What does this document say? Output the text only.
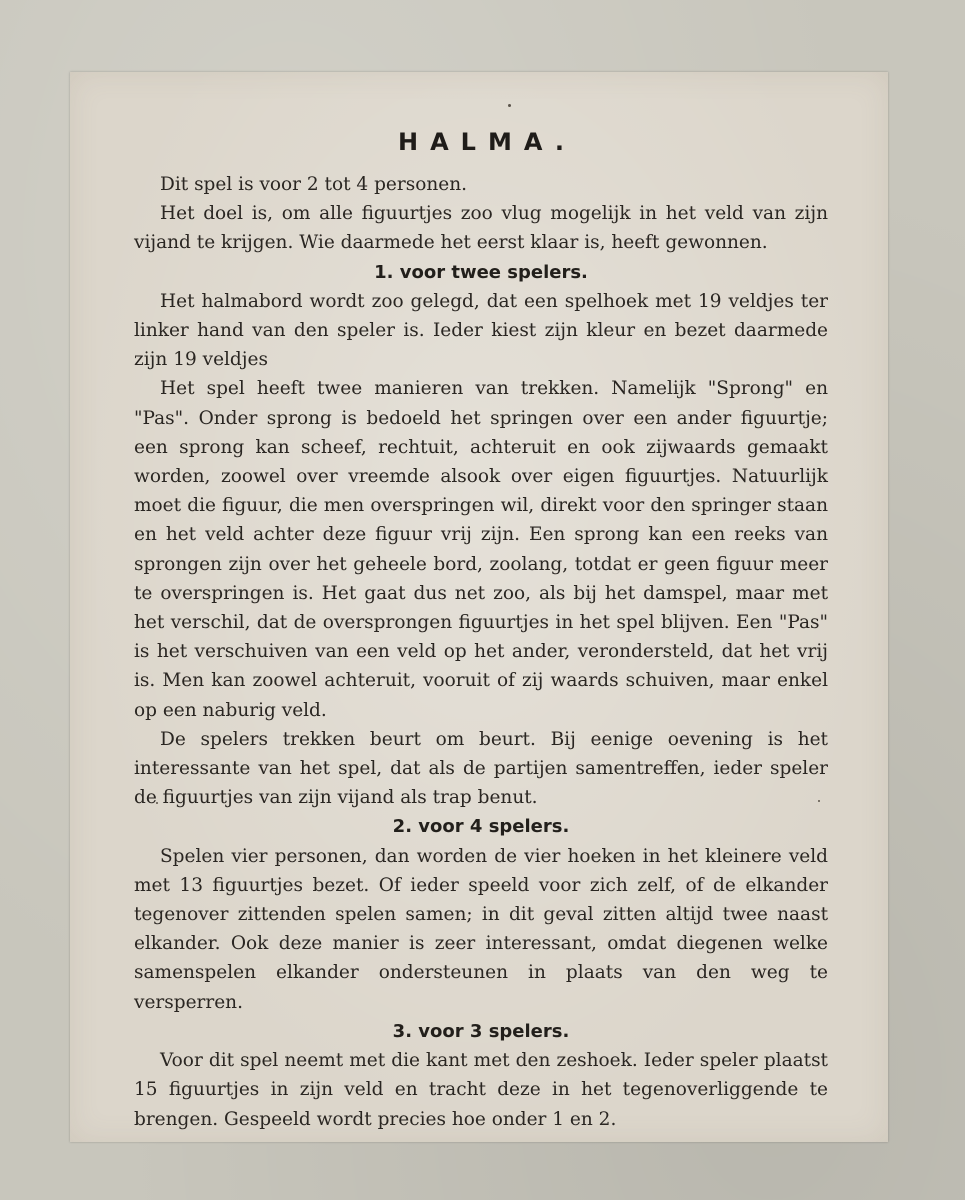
HALMA.

Dit spel is voor 2 tot 4 personen.

Het doel is, om alle figuurtjes zoo vlug mogelijk in het veld van zijn vijand te krijgen. Wie daarmede het eerst klaar is, heeft gewonnen.

1. voor twee spelers.

Het halmabord wordt zoo gelegd, dat een spelhoek met 19 veldjes ter linker hand van den speler is. Ieder kiest zijn kleur en bezet daarmede zijn 19 veldjes

Het spel heeft twee manieren van trekken. Namelijk "Sprong" en "Pas". Onder sprong is bedoeld het springen over een ander figuurtje; een sprong kan scheef, rechtuit, achteruit en ook zijwaards gemaakt worden, zoowel over vreemde alsook over eigen figuurtjes. Natuurlijk moet die figuur, die men overspringen wil, direkt voor den springer staan en het veld achter deze figuur vrij zijn. Een sprong kan een reeks van sprongen zijn over het geheele bord, zoolang, totdat er geen figuur meer te overspringen is. Het gaat dus net zoo, als bij het damspel, maar met het verschil, dat de oversprongen figuurtjes in het spel blijven. Een "Pas" is het verschuiven van een veld op het ander, verondersteld, dat het vrij is. Men kan zoowel achteruit, vooruit of zij waards schuiven, maar enkel op een naburig veld.

De spelers trekken beurt om beurt. Bij eenige oevening is het interessante van het spel, dat als de partijen samentreffen, ieder speler de figuurtjes van zijn vijand als trap benut.

2. voor 4 spelers.

Spelen vier personen, dan worden de vier hoeken in het kleinere veld met 13 figuurtjes bezet. Of ieder speeld voor zich zelf, of de elkander tegenover zittenden spelen samen; in dit geval zitten altijd twee naast elkander. Ook deze manier is zeer interessant, omdat diegenen welke samenspelen elkander ondersteunen in plaats van den weg te versperren.

3. voor 3 spelers.

Voor dit spel neemt met die kant met den zeshoek. Ieder speler plaatst 15 figuurtjes in zijn veld en tracht deze in het tegenoverliggende te brengen. Gespeeld wordt precies hoe onder 1 en 2.
